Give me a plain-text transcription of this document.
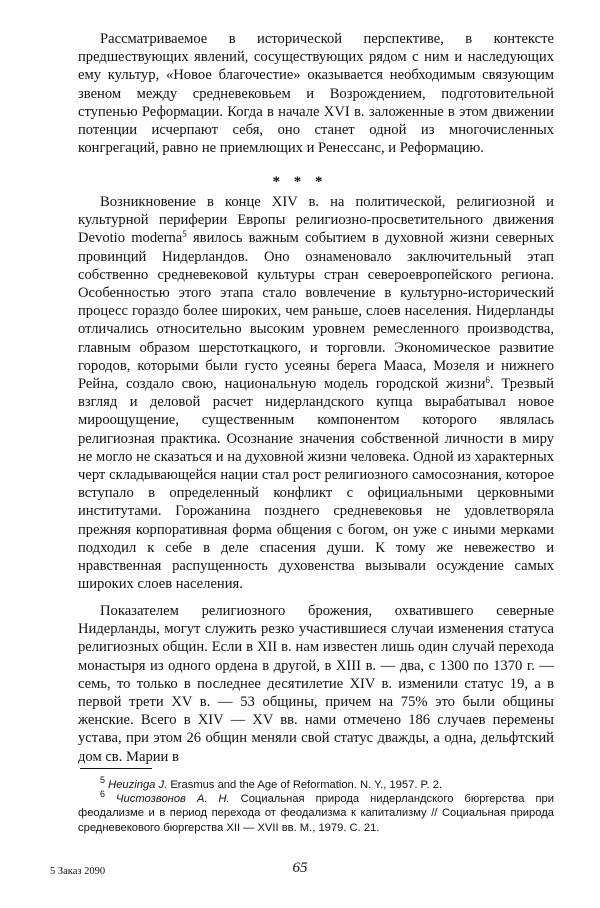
Рассматриваемое в исторической перспективе, в контексте предшествующих явлений, сосуществующих рядом с ним и наследующих ему культур, «Новое благочестие» оказывается необходимым связующим звеном между средневековьем и Возрождением, подготовительной ступенью Реформации. Когда в начале XVI в. заложенные в этом движении потенции исчерпают себя, оно станет одной из многочисленных конгрегаций, равно не приемлющих и Ренессанс, и Реформацию.

* * *

Возникновение в конце XIV в. на политической, религиозной и культурной периферии Европы религиозно-просветительного движения Devotio moderna$^5$ явилось важным событием в духовной жизни северных провинций Нидерландов. Оно ознаменовало заключительный этап собственно средневековой культуры стран североевропейского региона. Особенностью этого этапа стало вовлечение в культурно-исторический процесс гораздо более широких, чем раньше, слоев населения. Нидерланды отличались относительно высоким уровнем ремесленного производства, главным образом шерстоткацкого, и торговли. Экономическое развитие городов, которыми были густо усеяны берега Мааса, Мозеля и нижнего Рейна, создало свою, национальную модель городской жизни$^6$. Трезвый взгляд и деловой расчет нидерландского купца вырабатывал новое мироощущение, существенным компонентом которого являлась религиозная практика. Осознание значения собственной личности в миру не могло не сказаться и на духовной жизни человека. Одной из характерных черт складывающейся нации стал рост религиозного самосознания, которое вступало в определенный конфликт с официальными церковными институтами. Горожанина позднего средневековья не удовлетворяла прежняя корпоративная форма общения с богом, он уже с иными мерками подходил к себе в деле спасения души. К тому же невежество и нравственная распущенность духовенства вызывали осуждение самых широких слоев населения.

Показателем религиозного брожения, охватившего северные Нидерланды, могут служить резко участившиеся случаи изменения статуса религиозных общин. Если в XII в. нам известен лишь один случай перехода монастыря из одного ордена в другой, в XIII в. — два, с 1300 по 1370 г. — семь, то только в последнее десятилетие XIV в. изменили статус 19, а в первой трети XV в. — 53 общины, причем на 75% это были общины женские. Всего в XIV — XV вв. нами отмечено 186 случаев перемены устава, при этом 26 общин меняли свой статус дважды, а одна, дельфтский дом св. Марии в

$^5$ Heuzinga J. Erasmus and the Age of Reformation. N. Y., 1957. P. 2.

$^6$ Чистозвонов А. Н. Социальная природа нидерландского бюргерства при феодализме и в период перехода от феодализма к капитализму // Социальная природа средневекового бюргерства XII — XVII вв. М., 1979. С. 21.

5 Заказ 2090	65
